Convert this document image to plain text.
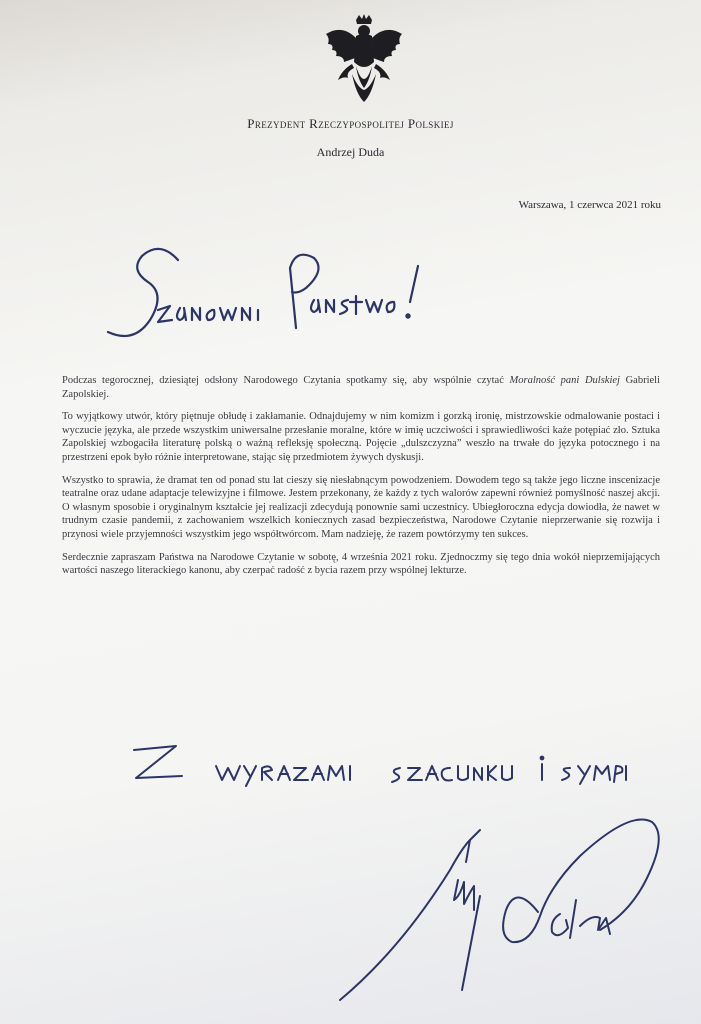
Prezydent Rzeczypospolitej Polskiej
Andrzej Duda
Warszawa, 1 czerwca 2021 roku
Szanowni Państwo!

Podczas tegorocznej, dziesiątej odsłony Narodowego Czytania spotkamy się, aby wspólnie czytać Moralność pani Dulskiej Gabrieli Zapolskiej.

To wyjątkowy utwór, który piętnuje obłudę i zakłamanie. Odnajdujemy w nim komizm i gorzką ironię, mistrzowskie odmalowanie postaci i wyczucie języka, ale przede wszystkim uniwersalne przesłanie moralne, które w imię uczciwości i sprawiedliwości każe potępiać zło. Sztuka Zapolskiej wzbogaciła literaturę polską o ważną refleksję społeczną. Pojęcie „dulszczyzna” weszło na trwałe do języka potocznego i na przestrzeni epok było różnie interpretowane, stając się przedmiotem żywych dyskusji.

Wszystko to sprawia, że dramat ten od ponad stu lat cieszy się niesłabnącym powodzeniem. Dowodem tego są także jego liczne inscenizacje teatralne oraz udane adaptacje telewizyjne i filmowe. Jestem przekonany, że każdy z tych walorów zapewni również pomyślność naszej akcji. O własnym sposobie i oryginalnym kształcie jej realizacji zdecydują ponownie sami uczestnicy. Ubiegłoroczna edycja dowiodła, że nawet w trudnym czasie pandemii, z zachowaniem wszelkich koniecznych zasad bezpieczeństwa, Narodowe Czytanie nieprzerwanie się rozwija i przynosi wiele przyjemności wszystkim jego współtwórcom. Mam nadzieję, że razem powtórzymy ten sukces.

Serdecznie zapraszam Państwa na Narodowe Czytanie w sobotę, 4 września 2021 roku. Zjednoczmy się tego dnia wokół nieprzemijających wartości naszego literackiego kanonu, aby czerpać radość z bycia razem przy wspólnej lekturze.

Z wyrazami szacunku i sympatii
